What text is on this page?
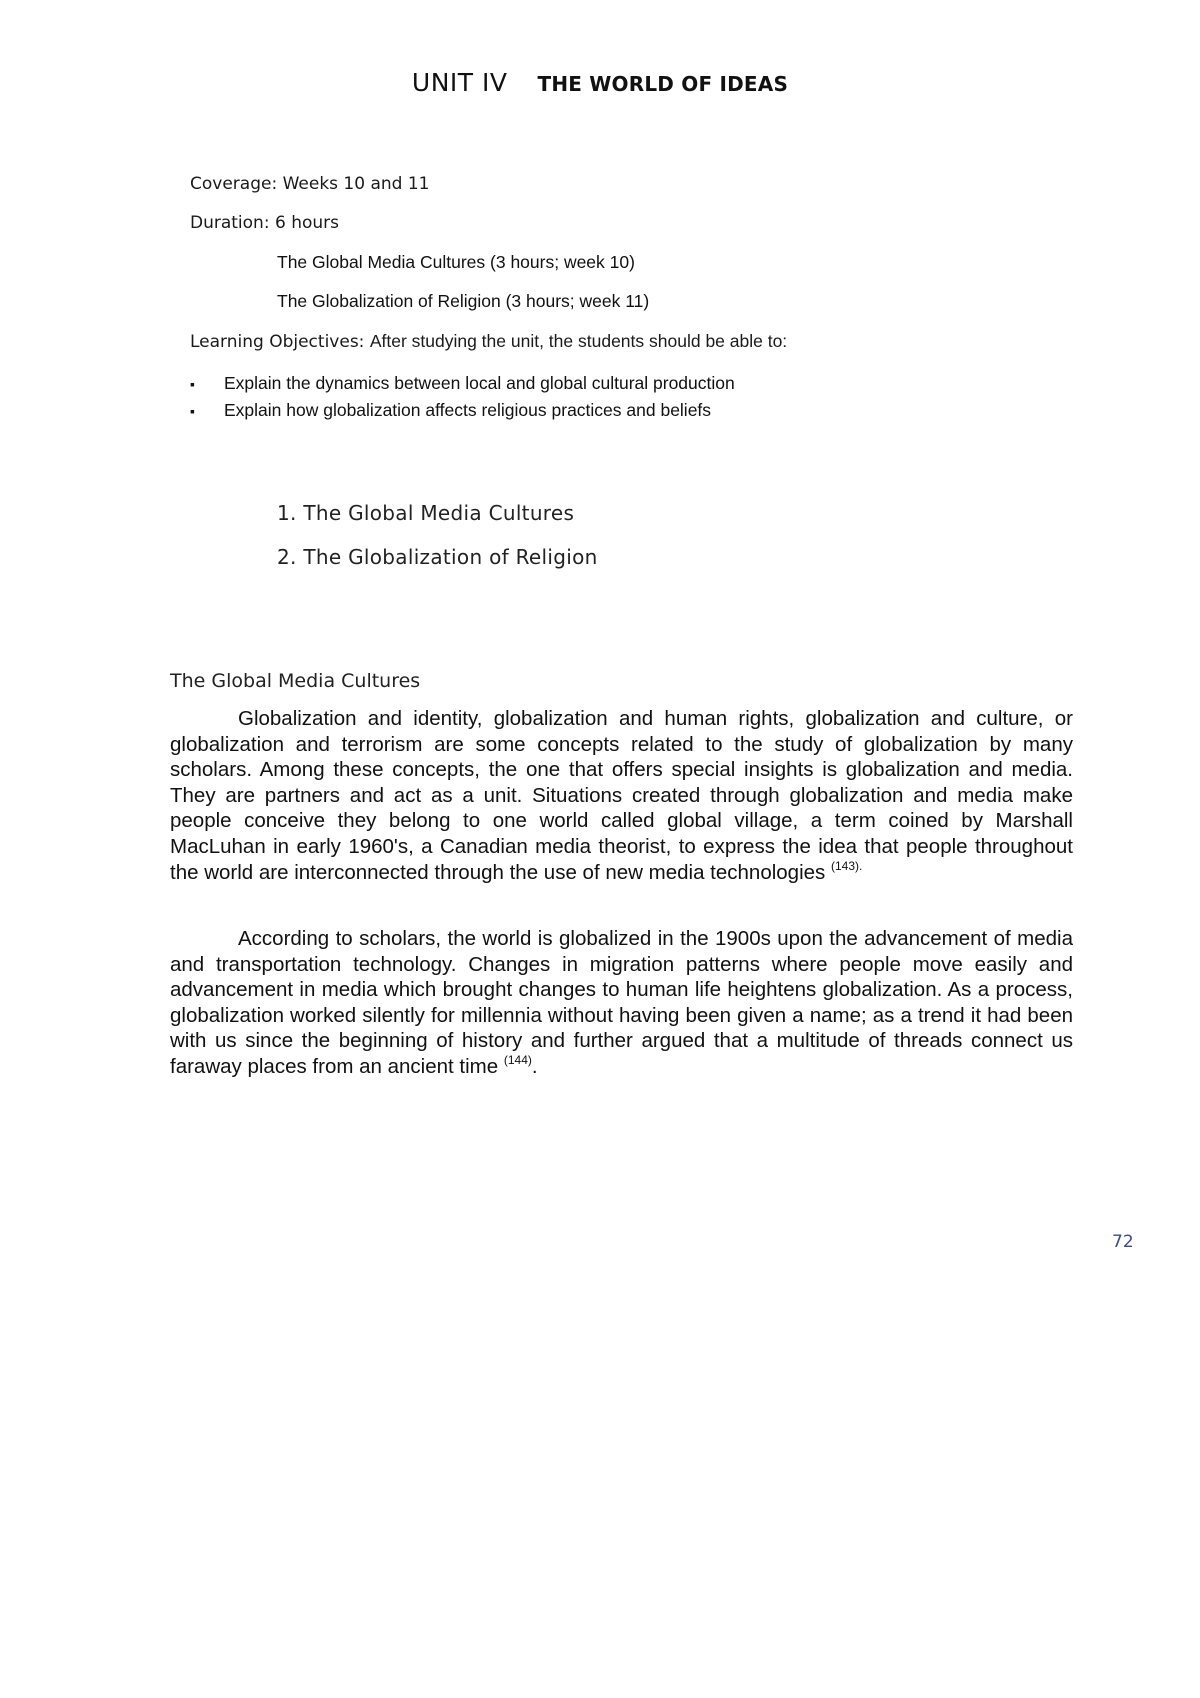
UNIT IV THE WORLD OF IDEAS
Coverage: Weeks 10 and 11
Duration: 6 hours
The Global Media Cultures (3 hours; week 10)
The Globalization of Religion (3 hours; week 11)
Learning Objectives: After studying the unit, the students should be able to:
▪ Explain the dynamics between local and global cultural production
▪ Explain how globalization affects religious practices and beliefs
1. The Global Media Cultures
2. The Globalization of Religion
The Global Media Cultures

Globalization and identity, globalization and human rights, globalization and culture, or globalization and terrorism are some concepts related to the study of globalization by many scholars. Among these concepts, the one that offers special insights is globalization and media. They are partners and act as a unit. Situations created through globalization and media make people conceive they belong to one world called global village, a term coined by Marshall MacLuhan in early 1960's, a Canadian media theorist, to express the idea that people throughout the world are interconnected through the use of new media technologies $^{(143).}$

According to scholars, the world is globalized in the 1900s upon the advancement of media and transportation technology. Changes in migration patterns where people move easily and advancement in media which brought changes to human life heightens globalization. As a process, globalization worked silently for millennia without having been given a name; as a trend it had been with us since the beginning of history and further argued that a multitude of threads connect us faraway places from an ancient time $^{(144)}$.

72
